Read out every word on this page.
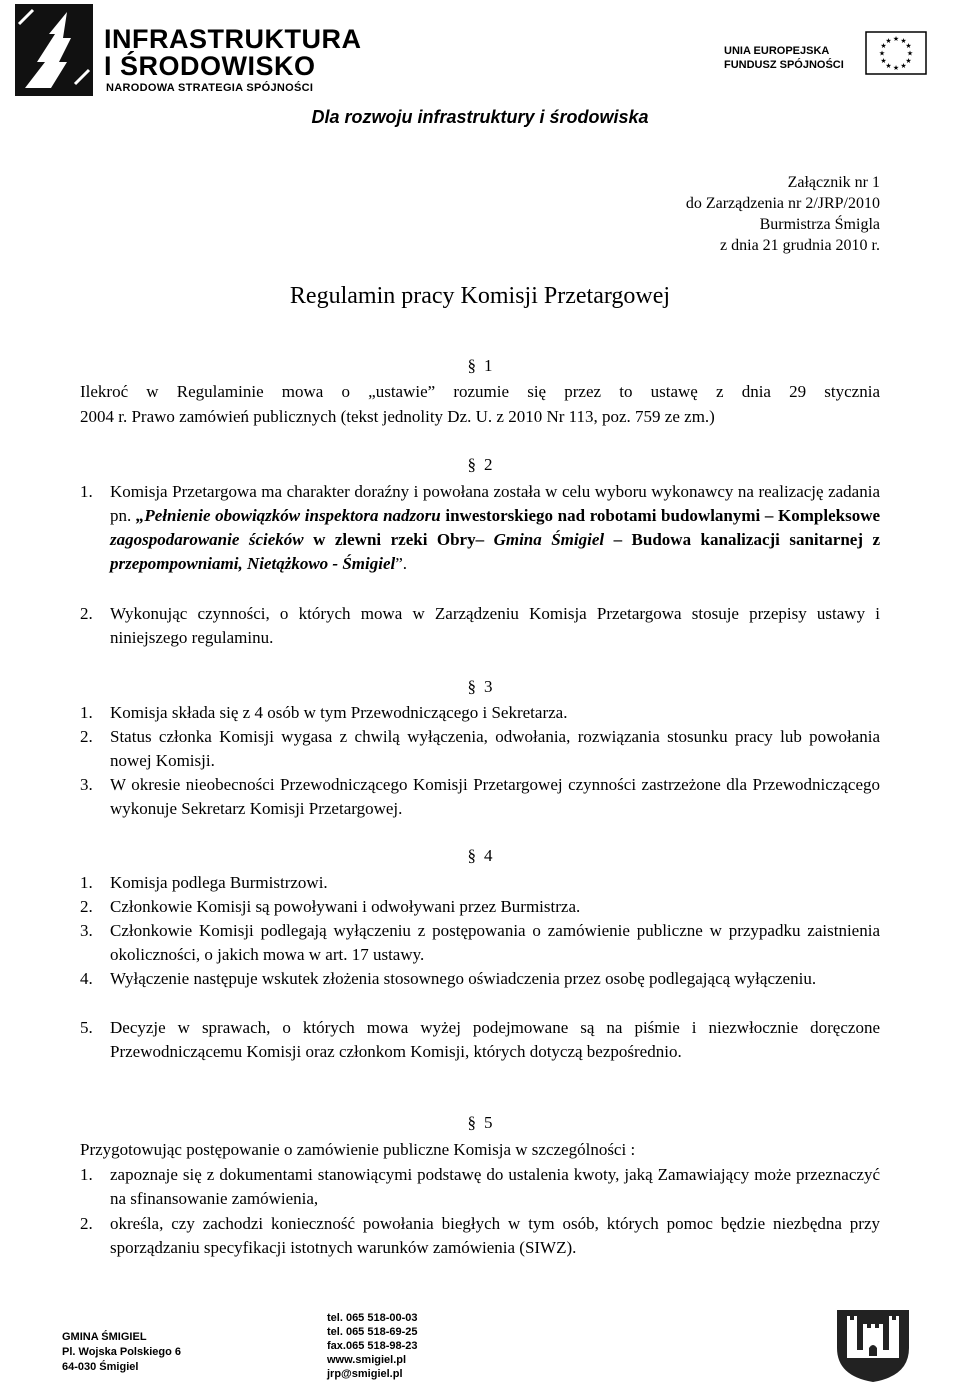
INFRASTRUKTURA
I ŚRODOWISKO
NARODOWA STRATEGIA SPÓJNOŚCI
UNIA EUROPEJSKA
FUNDUSZ SPÓJNOŚCI
★ ★
★
★
★
★
★
★
★
★
★
★
Dla rozwoju infrastruktury i środowiska
Załącznik nr 1
do Zarządzenia nr 2/JRP/2010
Burmistrza Śmigla
z dnia 21 grudnia 2010 r.
Regulamin pracy Komisji Przetargowej
§ 1
Ilekroć w Regulaminie mowa o „ustawie” rozumie się przez to ustawę z dnia 29 stycznia
2004 r. Prawo zamówień publicznych (tekst jednolity Dz. U. z 2010 Nr 113, poz. 759 ze zm.)
§ 2
1. Komisja Przetargowa ma charakter doraźny i powołana została w celu wyboru wykonawcy na realizację zadania pn. „Pełnienie obowiązków inspektora nadzoru inwestorskiego nad robotami budowlanymi – Kompleksowe zagospodarowanie ścieków w zlewni rzeki Obry– Gmina Śmigiel – Budowa kanalizacji sanitarnej z przepompowniami, Nietążkowo - Śmigiel”.
2. Wykonując czynności, o których mowa w Zarządzeniu Komisja Przetargowa stosuje przepisy ustawy i niniejszego regulaminu.
§ 3
1. Komisja składa się z 4 osób w tym Przewodniczącego i Sekretarza.
2. Status członka Komisji wygasa z chwilą wyłączenia, odwołania, rozwiązania stosunku pracy lub powołania nowej Komisji.
3. W okresie nieobecności Przewodniczącego Komisji Przetargowej czynności zastrzeżone dla Przewodniczącego wykonuje Sekretarz Komisji Przetargowej.
§ 4
1. Komisja podlega Burmistrzowi.
2. Członkowie Komisji są powoływani i odwoływani przez Burmistrza.
3. Członkowie Komisji podlegają wyłączeniu z postępowania o zamówienie publiczne w przypadku zaistnienia okoliczności, o jakich mowa w art. 17 ustawy.
4. Wyłączenie następuje wskutek złożenia stosownego oświadczenia przez osobę podlegającą wyłączeniu.
5. Decyzje w sprawach, o których mowa wyżej podejmowane są na piśmie i niezwłocznie doręczone Przewodniczącemu Komisji oraz członkom Komisji, których dotyczą bezpośrednio.
§ 5
Przygotowując postępowanie o zamówienie publiczne Komisja w szczególności :
1. zapoznaje się z dokumentami stanowiącymi podstawę do ustalenia kwoty, jaką Zamawiający może przeznaczyć na sfinansowanie zamówienia,
2. określa, czy zachodzi konieczność powołania biegłych w tym osób, których pomoc będzie niezbędna przy sporządzaniu specyfikacji istotnych warunków zamówienia (SIWZ).
GMINA ŚMIGIEL
Pl. Wojska Polskiego 6
64-030 Śmigiel
tel. 065 518-00-03
tel. 065 518-69-25
fax.065 518-98-23
www.smigiel.pl
jrp@smigiel.pl
